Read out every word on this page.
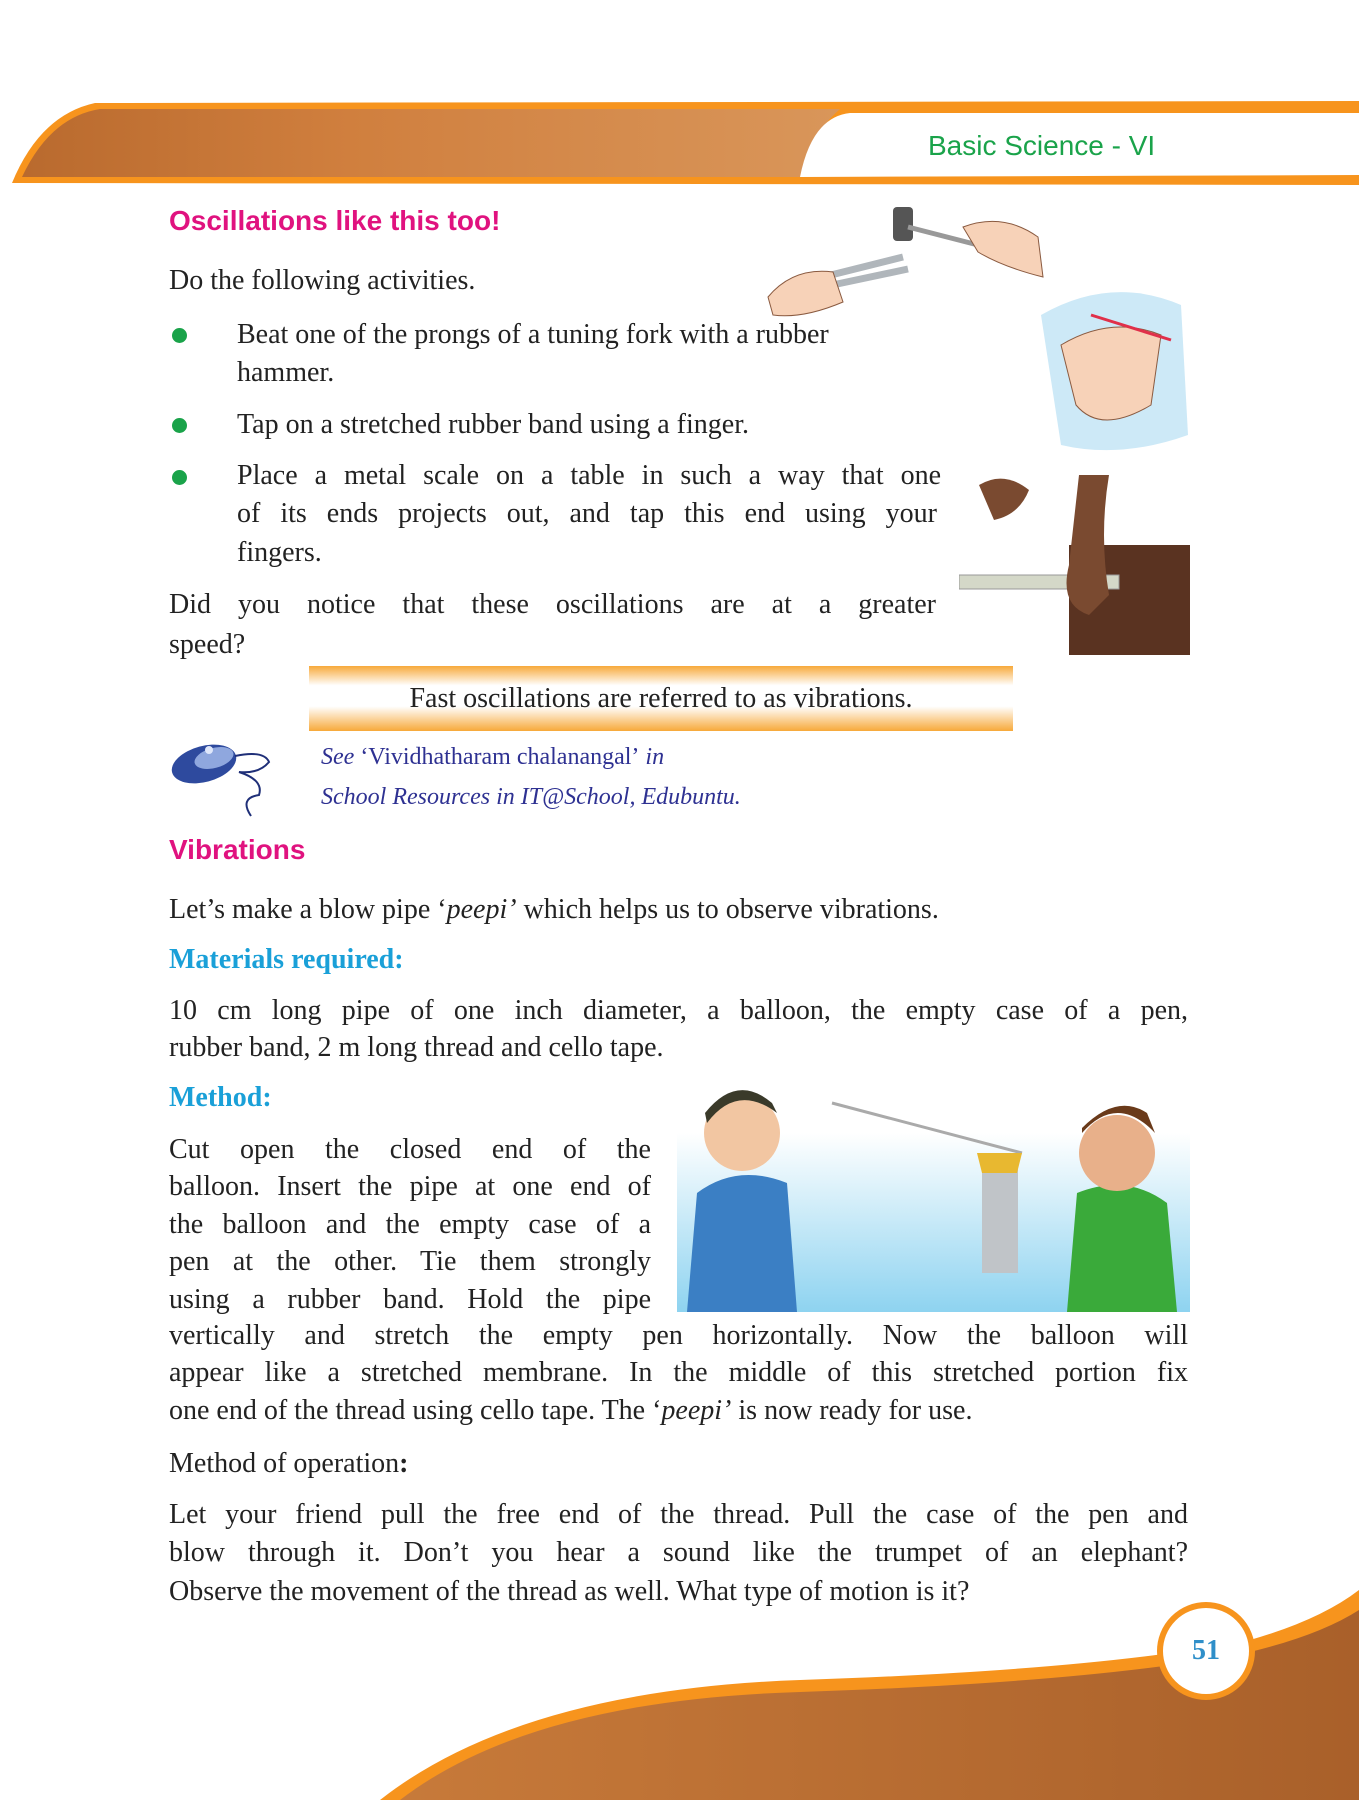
Basic Science - VI
Oscillations like this too!
Do the following activities.
Beat one of the prongs of a tuning fork with a rubber
hammer.
Tap on a stretched rubber band using a finger.
Place a metal scale on a table in such a way that one
of its ends projects out, and tap this end using your
fingers.
Did you notice that these oscillations are at a greater
speed?
Fast oscillations are referred to as vibrations.
See ‘Vividhatharam chalanangal’ in
School Resources in IT@School, Edubuntu.
Vibrations
Let’s make a blow pipe ‘peepi’ which helps us to observe vibrations.
Materials required:
10 cm long pipe of one inch diameter, a balloon, the empty case of a pen,
rubber band, 2 m long thread and cello tape.
Method:
Cut open the closed end of the
balloon. Insert the pipe at one end of
the balloon and the empty case of a
pen at the other. Tie them strongly
using a rubber band. Hold the pipe
vertically and stretch the empty pen horizontally. Now the balloon will
appear like a stretched membrane. In the middle of this stretched portion fix
one end of the thread using cello tape. The ‘peepi’ is now ready for use.
Method of operation:
Let your friend pull the free end of the thread. Pull the case of the pen and
blow through it. Don’t you hear a sound like the trumpet of an elephant?
Observe the movement of the thread as well. What type of motion is it?
51
